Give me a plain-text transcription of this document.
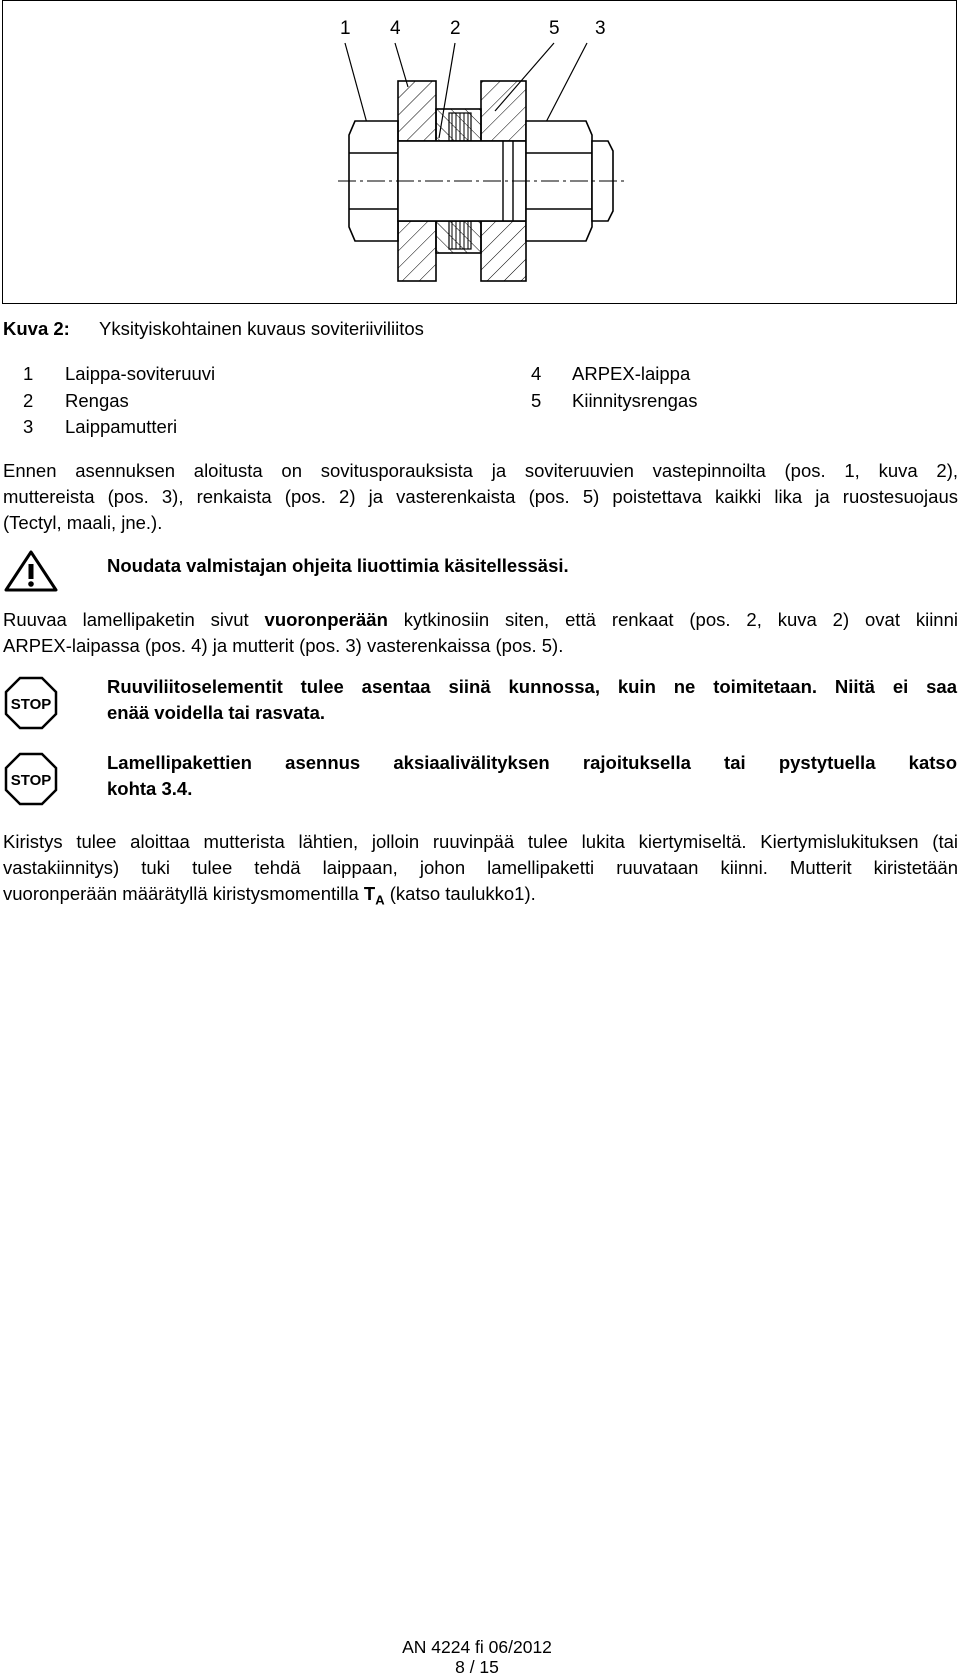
1 4	2	5 3
Kuva 2: Yksityiskohtainen kuvaus soviteriiviliitos
1 Laippa-soviteruuvi
2 Rengas
3 Laippamutteri
4 ARPEX-laippa
5 Kiinnitysrengas
Ennen asennuksen aloitusta on sovitusporauksista ja soviteruuvien vastepinnoilta (pos. 1, kuva 2),
muttereista (pos. 3), renkaista (pos. 2) ja vasterenkaista (pos. 5) poistettava kaikki lika ja ruostesuojaus
(Tectyl, maali, jne.).
Noudata valmistajan ohjeita liuottimia käsitellessäsi.
Ruuvaa lamellipaketin sivut vuoronperään kytkinosiin siten, että renkaat (pos. 2, kuva 2) ovat kiinni
ARPEX-laipassa (pos. 4) ja mutterit (pos. 3) vasterenkaissa (pos. 5).
STOP
Ruuviliitoselementit tulee asentaa siinä kunnossa, kuin ne toimitetaan. Niitä ei saa
enää voidella tai rasvata.
STOP
Lamellipakettien asennus aksiaalivälityksen rajoituksella tai pystytuella katso
kohta 3.4.
Kiristys tulee aloittaa mutterista lähtien, jolloin ruuvinpää tulee lukita kiertymiseltä. Kiertymislukituksen (tai
vastakiinnitys) tuki tulee tehdä laippaan, johon lamellipaketti ruuvataan kiinni. Mutterit kiristetään
vuoronperään määrätyllä kiristysmomentilla $T_A$ (katso taulukko1).
AN 4224 fi 06/2012
8 / 15
